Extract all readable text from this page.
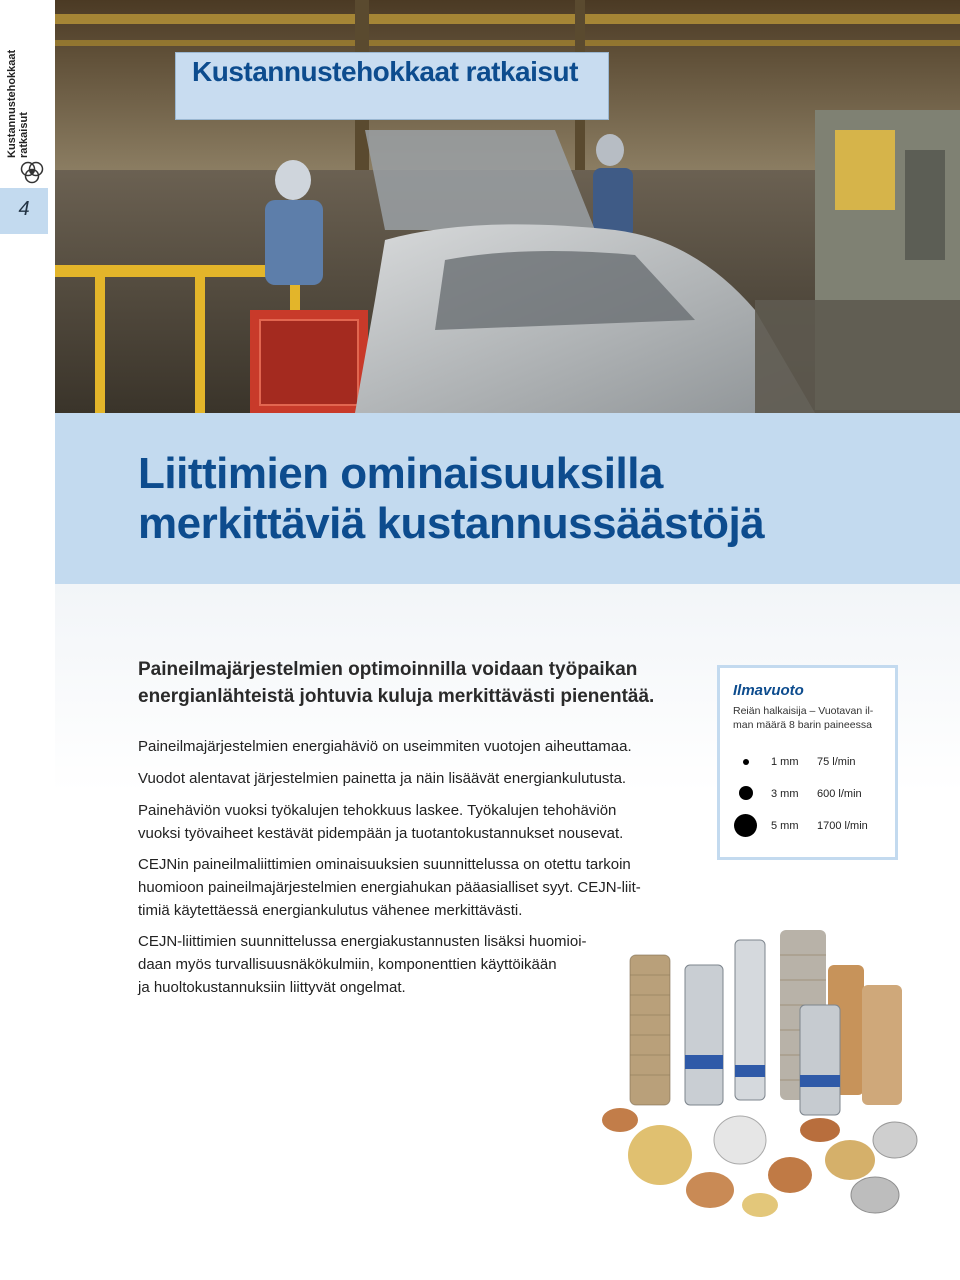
Kustannustehokkaat ratkaisut
4
Kustannustehokkaat ratkaisut
Liittimien ominaisuuksilla
merkittäviä kustannussäästöjä
Paineilmajärjestelmien optimoinnilla voidaan työpaikan
energianlähteistä johtuvia kuluja merkittävästi pienentää.
Paineilmajärjestelmien energiahäviö on useimmiten vuotojen aiheuttamaa.
Vuodot alentavat järjestelmien painetta ja näin lisäävät energiankulutusta.
Painehäviön vuoksi työkalujen tehokkuus laskee. Työkalujen tehohäviön
vuoksi työvaiheet kestävät pidempään ja tuotantokustannukset nousevat.
CEJNin paineilmaliittimien ominaisuuksien suunnittelussa on otettu tarkoin
huomioon paineilmajärjestelmien energiahukan pääasialliset syyt. CEJN-liit-
timiä käytettäessä energiankulutus vähenee merkittävästi.
CEJN-liittimien suunnittelussa energiakustannusten lisäksi huomioi-
daan myös turvallisuusnäkökulmiin, komponenttien käyttöikään
ja huoltokustannuksiin liittyvät ongelmat.
Ilmavuoto
Reiän halkaisija – Vuotavan il-
man määrä 8 barin paineessa
1 mm 75 l/min
3 mm 600 l/min
5 mm 1700 l/min
